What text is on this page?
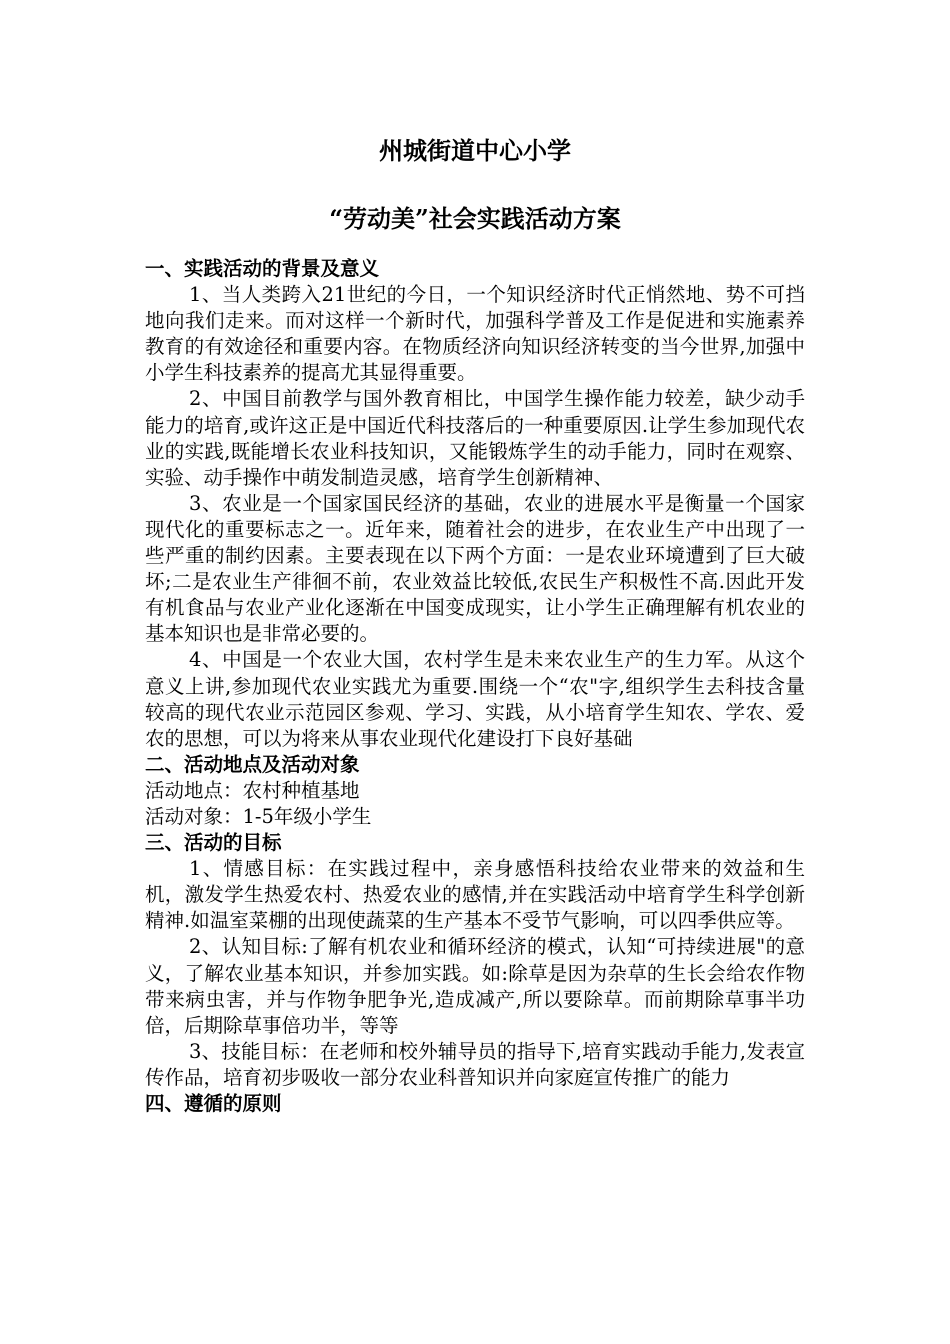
州城街道中心小学
“劳动美”社会实践活动方案

一、实践活动的背景及意义

1、当人类跨入21世纪的今日，一个知识经济时代正悄然地、势不可挡地向我们走来。而对这样一个新时代，加强科学普及工作是促进和实施素养教育的有效途径和重要内容。在物质经济向知识经济转变的当今世界,加强中小学生科技素养的提高尤其显得重要。

2、中国目前教学与国外教育相比，中国学生操作能力较差，缺少动手能力的培育,或许这正是中国近代科技落后的一种重要原因.让学生参加现代农业的实践,既能增长农业科技知识，又能锻炼学生的动手能力，同时在观察、实验、动手操作中萌发制造灵感，培育学生创新精神、

3、农业是一个国家国民经济的基础，农业的进展水平是衡量一个国家现代化的重要标志之一。近年来，随着社会的进步，在农业生产中出现了一些严重的制约因素。主要表现在以下两个方面：一是农业环境遭到了巨大破坏;二是农业生产徘徊不前，农业效益比较低,农民生产积极性不高.因此开发有机食品与农业产业化逐渐在中国变成现实，让小学生正确理解有机农业的基本知识也是非常必要的。

4、中国是一个农业大国，农村学生是未来农业生产的生力军。从这个意义上讲,参加现代农业实践尤为重要.围绕一个“农"字,组织学生去科技含量较高的现代农业示范园区参观、学习、实践，从小培育学生知农、学农、爱农的思想，可以为将来从事农业现代化建设打下良好基础

二、活动地点及活动对象

活动地点：农村种植基地

活动对象：1-5年级小学生

三、活动的目标

1、情感目标：在实践过程中，亲身感悟科技给农业带来的效益和生机，激发学生热爱农村、热爱农业的感情,并在实践活动中培育学生科学创新精神.如温室菜棚的出现使蔬菜的生产基本不受节气影响，可以四季供应等。

2、认知目标:了解有机农业和循环经济的模式，认知“可持续进展"的意义，了解农业基本知识，并参加实践。如:除草是因为杂草的生长会给农作物带来病虫害，并与作物争肥争光,造成减产,所以要除草。而前期除草事半功倍，后期除草事倍功半，等等

3、技能目标：在老师和校外辅导员的指导下,培育实践动手能力,发表宣传作品，培育初步吸收一部分农业科普知识并向家庭宣传推广的能力

四、遵循的原则
